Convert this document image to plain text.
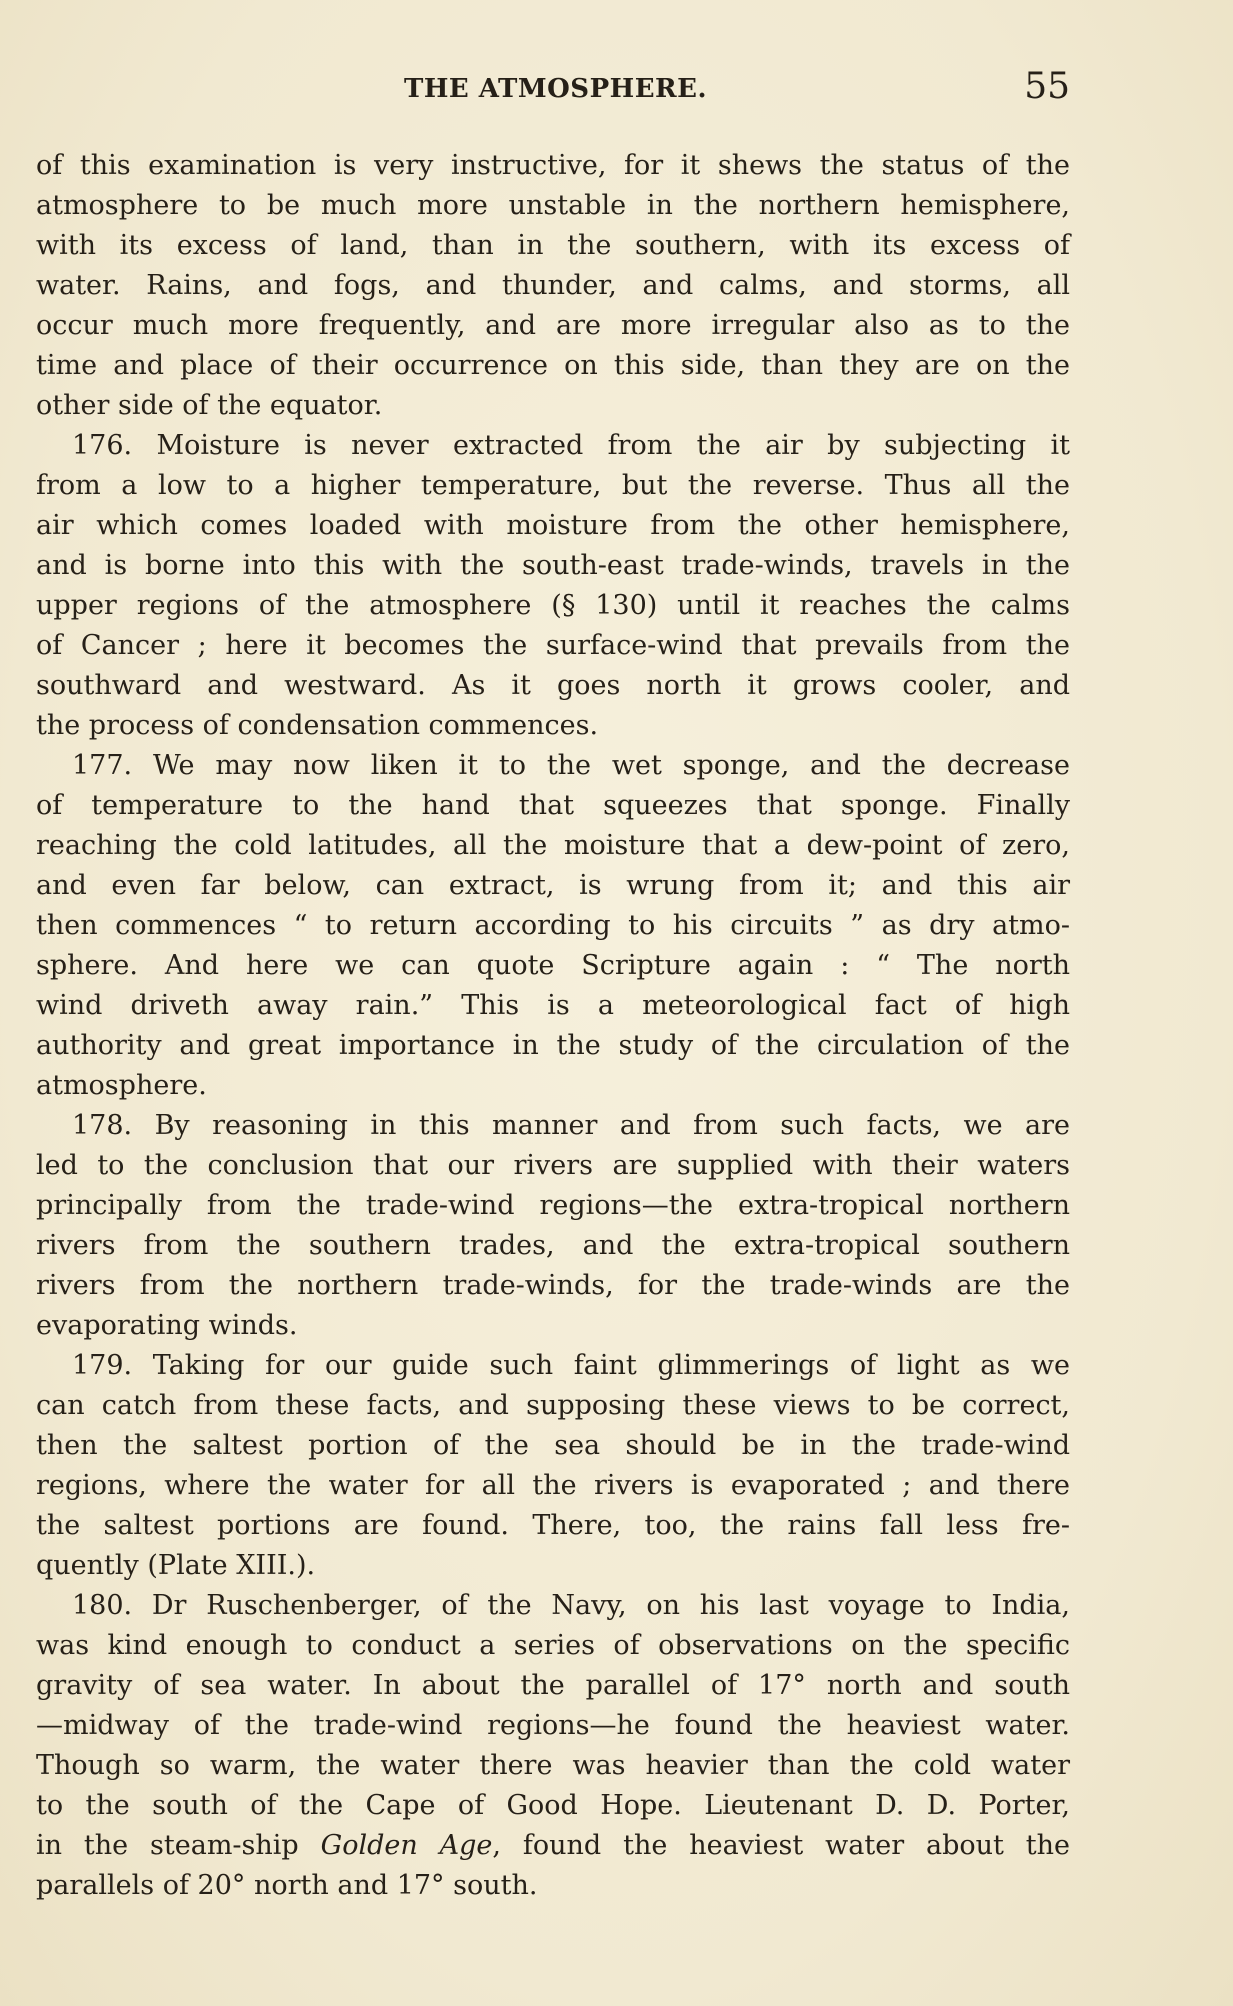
THE ATMOSPHERE.	55
of this examination is very instructive, for it shews the status of the
atmosphere to be much more unstable in the northern hemisphere,
with its excess of land, than in the southern, with its excess of
water. Rains, and fogs, and thunder, and calms, and storms, all
occur much more frequently, and are more irregular also as to the
time and place of their occurrence on this side, than they are on the
other side of the equator.
176. Moisture is never extracted from the air by subjecting it
from a low to a higher temperature, but the reverse. Thus all the
air which comes loaded with moisture from the other hemisphere,
and is borne into this with the south-east trade-winds, travels in the
upper regions of the atmosphere (§ 130) until it reaches the calms
of Cancer ; here it becomes the surface-wind that prevails from the
southward and westward. As it goes north it grows cooler, and
the process of condensation commences.
177. We may now liken it to the wet sponge, and the decrease
of temperature to the hand that squeezes that sponge. Finally
reaching the cold latitudes, all the moisture that a dew-point of zero,
and even far below, can extract, is wrung from it; and this air
then commences “ to return according to his circuits ” as dry atmo-
sphere. And here we can quote Scripture again : “ The north
wind driveth away rain.” This is a meteorological fact of high
authority and great importance in the study of the circulation of the
atmosphere.
178. By reasoning in this manner and from such facts, we are
led to the conclusion that our rivers are supplied with their waters
principally from the trade-wind regions—the extra-tropical northern
rivers from the southern trades, and the extra-tropical southern
rivers from the northern trade-winds, for the trade-winds are the
evaporating winds.
179. Taking for our guide such faint glimmerings of light as we
can catch from these facts, and supposing these views to be correct,
then the saltest portion of the sea should be in the trade-wind
regions, where the water for all the rivers is evaporated ; and there
the saltest portions are found. There, too, the rains fall less fre-
quently (Plate XIII.).
180. Dr Ruschenberger, of the Navy, on his last voyage to India,
was kind enough to conduct a series of observations on the specific
gravity of sea water. In about the parallel of 17° north and south
—midway of the trade-wind regions—he found the heaviest water.
Though so warm, the water there was heavier than the cold water
to the south of the Cape of Good Hope. Lieutenant D. D. Porter,
in the steam-ship Golden Age, found the heaviest water about the
parallels of 20° north and 17° south.
